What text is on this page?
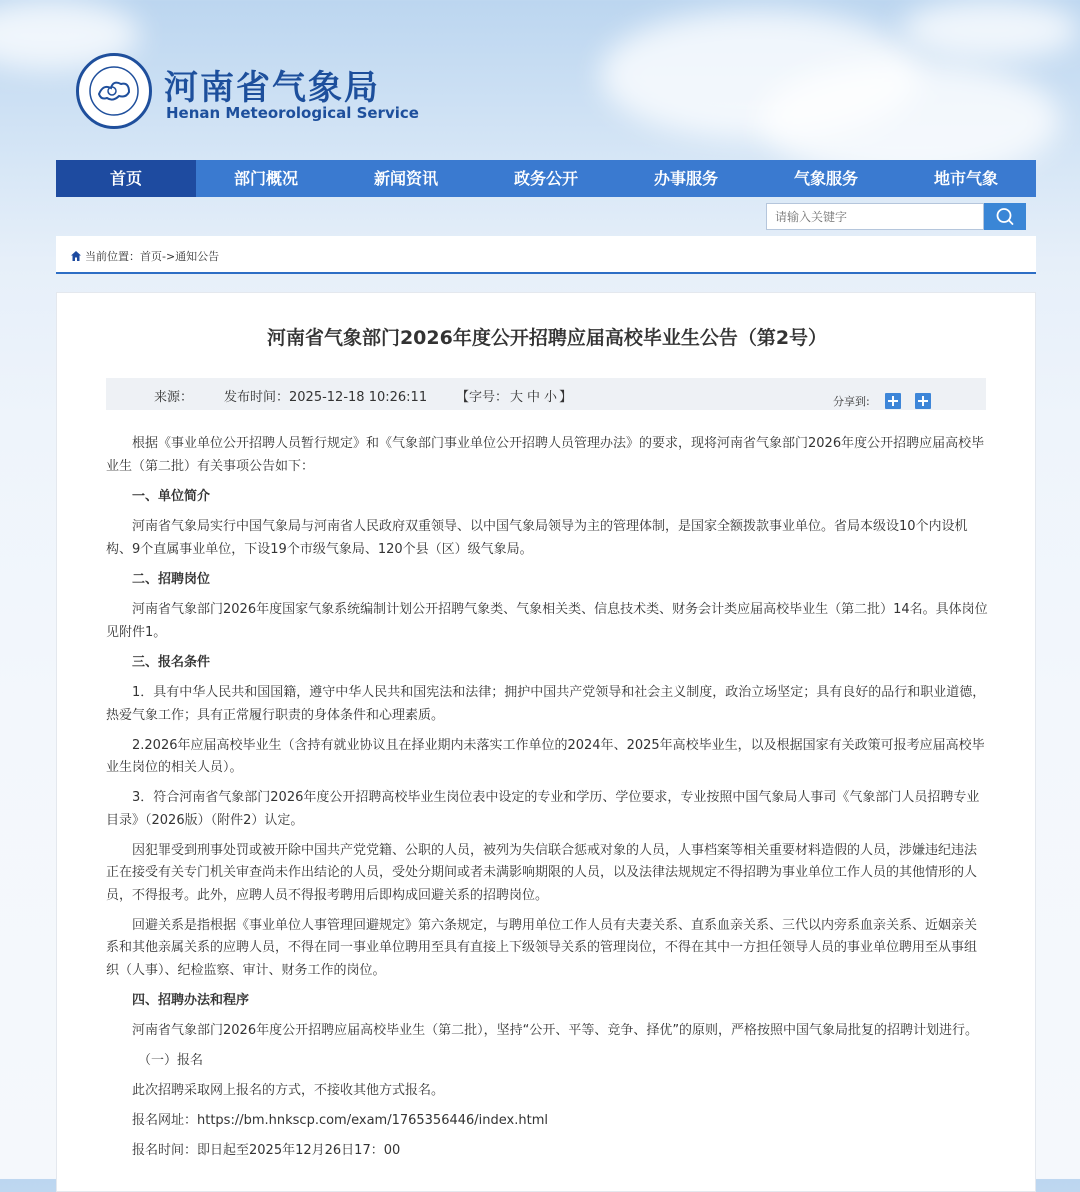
河南省气象局
Henan Meteorological Service
首页	部门概况	新闻资讯	政务公开	办事服务	气象服务	地市气象
请输入关键字
当前位置： 首页->通知公告
河南省气象部门2026年度公开招聘应届高校毕业生公告（第2号）
来源： 发布时间：2025-12-18 10:26:11 【字号： 大 中 小 】	分享到:

根据《事业单位公开招聘人员暂行规定》和《气象部门事业单位公开招聘人员管理办法》的要求，现将河南省气象部门2026年度公开招聘应届高校毕业生（第二批）有关事项公告如下：

一、单位简介

河南省气象局实行中国气象局与河南省人民政府双重领导、以中国气象局领导为主的管理体制，是国家全额拨款事业单位。省局本级设10个内设机构、9个直属事业单位，下设19个市级气象局、120个县（区）级气象局。

二、招聘岗位

河南省气象部门2026年度国家气象系统编制计划公开招聘气象类、气象相关类、信息技术类、财务会计类应届高校毕业生（第二批）14名。具体岗位见附件1。

三、报名条件

1．具有中华人民共和国国籍，遵守中华人民共和国宪法和法律；拥护中国共产党领导和社会主义制度，政治立场坚定；具有良好的品行和职业道德，热爱气象工作；具有正常履行职责的身体条件和心理素质。

2.2026年应届高校毕业生（含持有就业协议且在择业期内未落实工作单位的2024年、2025年高校毕业生，以及根据国家有关政策可报考应届高校毕业生岗位的相关人员）。

3．符合河南省气象部门2026年度公开招聘高校毕业生岗位表中设定的专业和学历、学位要求，专业按照中国气象局人事司《气象部门人员招聘专业目录》（2026版）（附件2）认定。

因犯罪受到刑事处罚或被开除中国共产党党籍、公职的人员，被列为失信联合惩戒对象的人员，人事档案等相关重要材料造假的人员，涉嫌违纪违法正在接受有关专门机关审查尚未作出结论的人员，受处分期间或者未满影响期限的人员，以及法律法规规定不得招聘为事业单位工作人员的其他情形的人员，不得报考。此外，应聘人员不得报考聘用后即构成回避关系的招聘岗位。

回避关系是指根据《事业单位人事管理回避规定》第六条规定，与聘用单位工作人员有夫妻关系、直系血亲关系、三代以内旁系血亲关系、近姻亲关系和其他亲属关系的应聘人员，不得在同一事业单位聘用至具有直接上下级领导关系的管理岗位，不得在其中一方担任领导人员的事业单位聘用至从事组织（人事）、纪检监察、审计、财务工作的岗位。

四、招聘办法和程序

河南省气象部门2026年度公开招聘应届高校毕业生（第二批），坚持“公开、平等、竞争、择优”的原则，严格按照中国气象局批复的招聘计划进行。

（一）报名

此次招聘采取网上报名的方式，不接收其他方式报名。

报名网址：https://bm.hnkscp.com/exam/1765356446/index.html

报名时间：即日起至2025年12月26日17：00
